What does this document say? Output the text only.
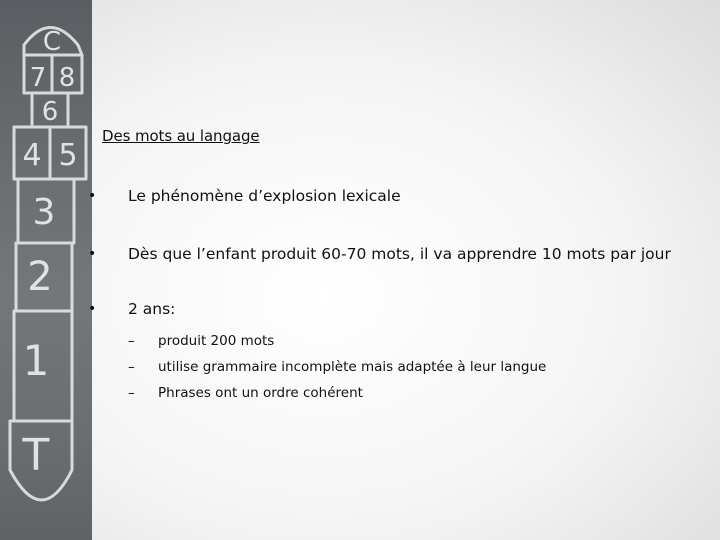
C
7 8
6
4 5
3
2
1
T
Des mots au langage
•	Le phénomène d’explosion lexicale
•	Dès que l’enfant produit 60-70 mots, il va apprendre 10 mots par jour
•	2 ans:
– produit 200 mots
– utilise grammaire incomplète mais adaptée à leur langue
– Phrases ont un ordre cohérent
